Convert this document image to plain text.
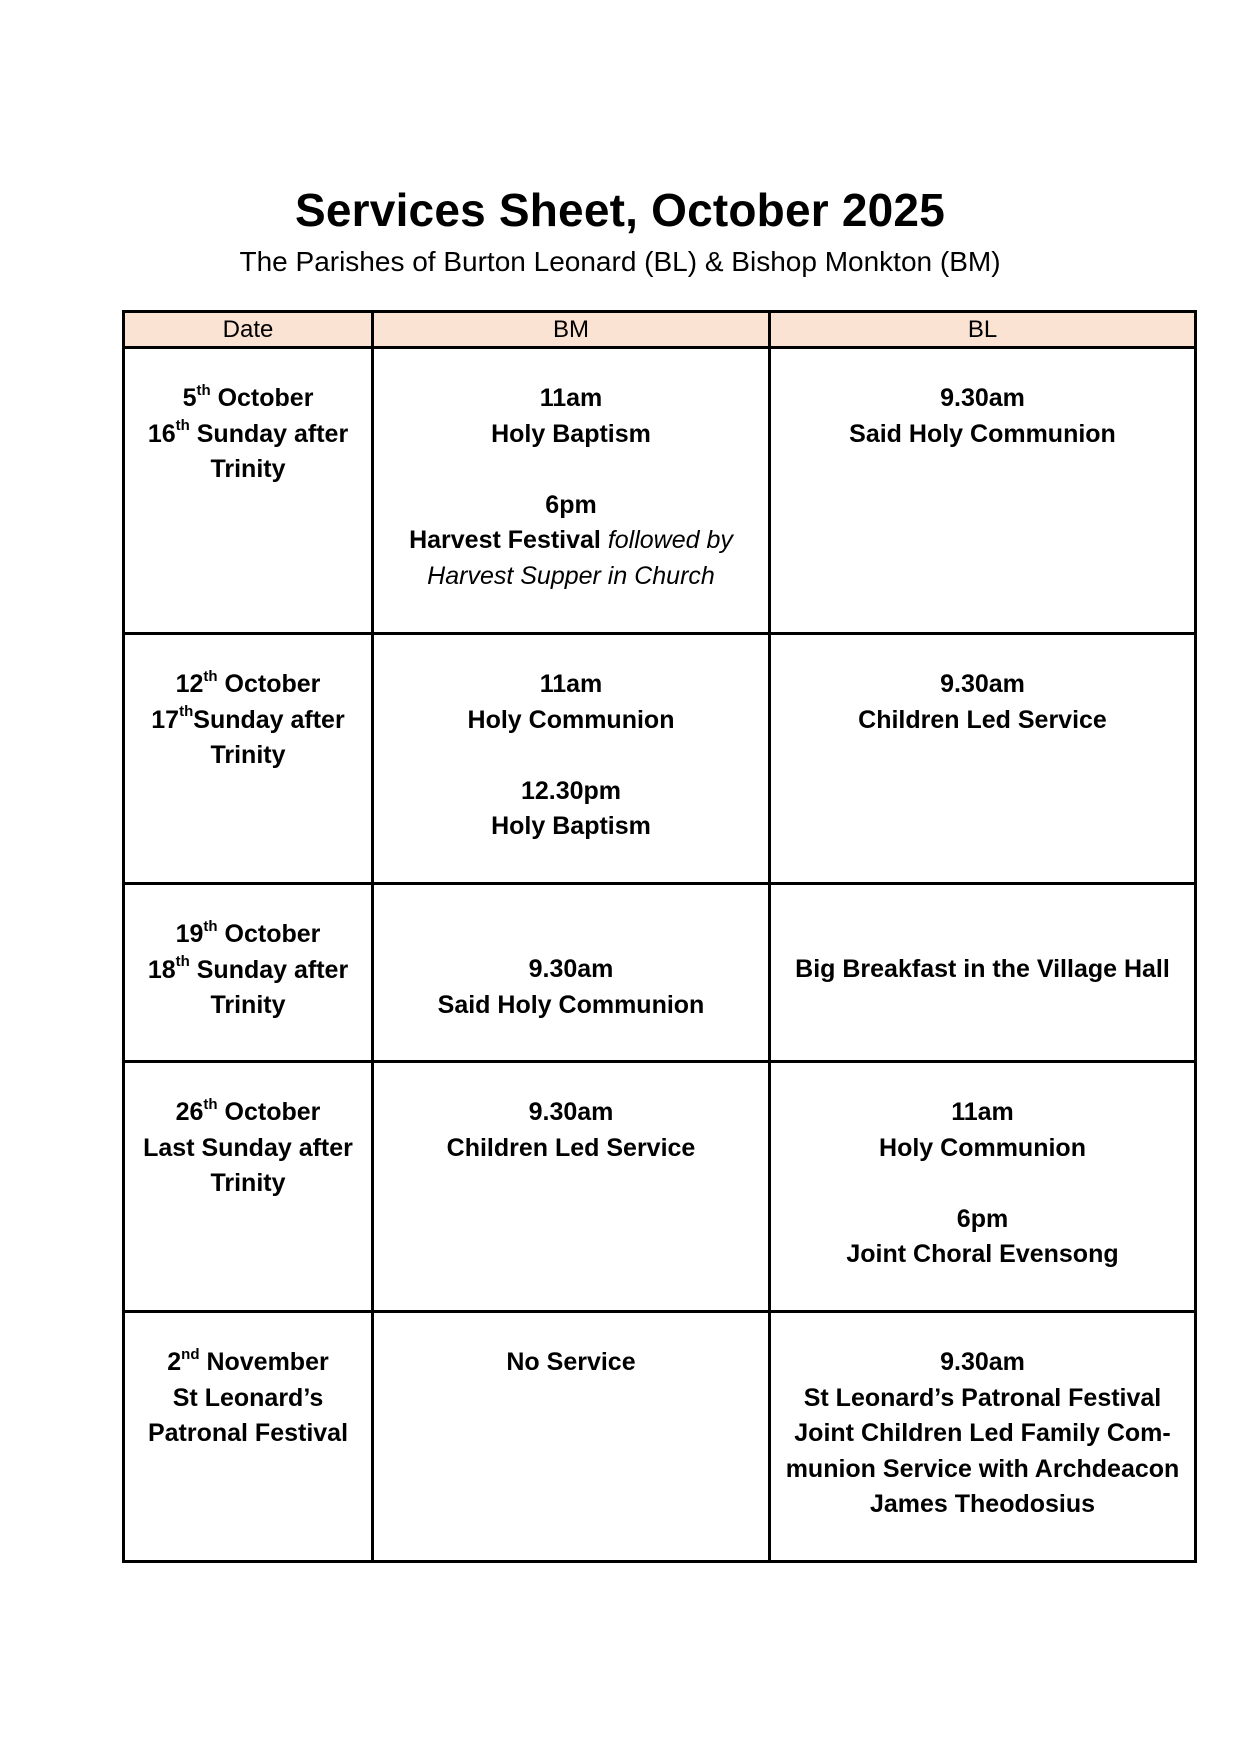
Services Sheet, October 2025
The Parishes of Burton Leonard (BL) & Bishop Monkton (BM)
Date	BM	BL

5th October
16th Sunday after
Trinity	11am
Holy Baptism
6pm
Harvest Festival followed by
Harvest Supper in Church	9.30am
Said Holy Communion

12th October
17thSunday after
Trinity	11am
Holy Communion
12.30pm
Holy Baptism	9.30am
Children Led Service

19th October
18th Sunday after
Trinity	9.30am
Said Holy Communion	Big Breakfast in the Village Hall

26th October
Last Sunday after
Trinity	9.30am
Children Led Service	11am
Holy Communion
6pm
Joint Choral Evensong

2nd November
St Leonard’s
Patronal Festival	No Service	9.30am
St Leonard’s Patronal Festival
Joint Children Led Family Com-
munion Service with Archdeacon
James Theodosius
